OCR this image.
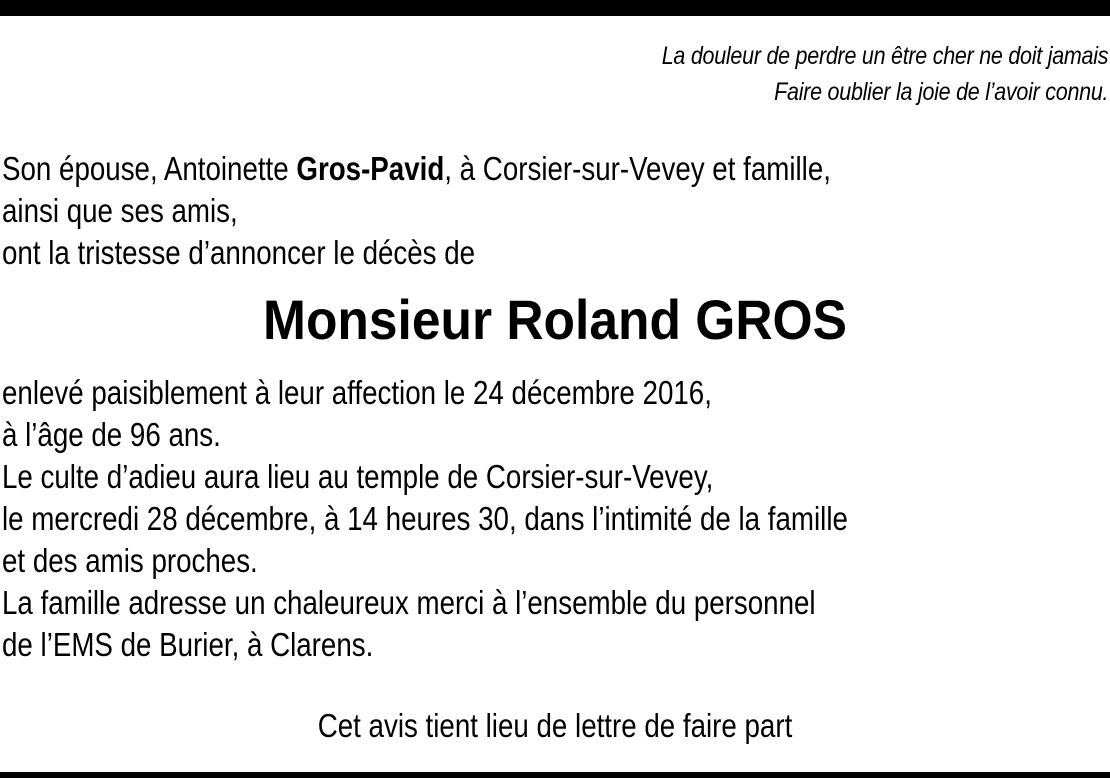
La douleur de perdre un être cher ne doit jamais
Faire oublier la joie de l’avoir connu.
Son épouse, Antoinette Gros-Pavid, à Corsier-sur-Vevey et famille,
ainsi que ses amis,
ont la tristesse d’annoncer le décès de
Monsieur Roland GROS
enlevé paisiblement à leur affection le 24 décembre 2016,
à l’âge de 96 ans.
Le culte d’adieu aura lieu au temple de Corsier-sur-Vevey,
le mercredi 28 décembre, à 14 heures 30, dans l’intimité de la famille
et des amis proches.
La famille adresse un chaleureux merci à l’ensemble du personnel
de l’EMS de Burier, à Clarens.
Cet avis tient lieu de lettre de faire part
